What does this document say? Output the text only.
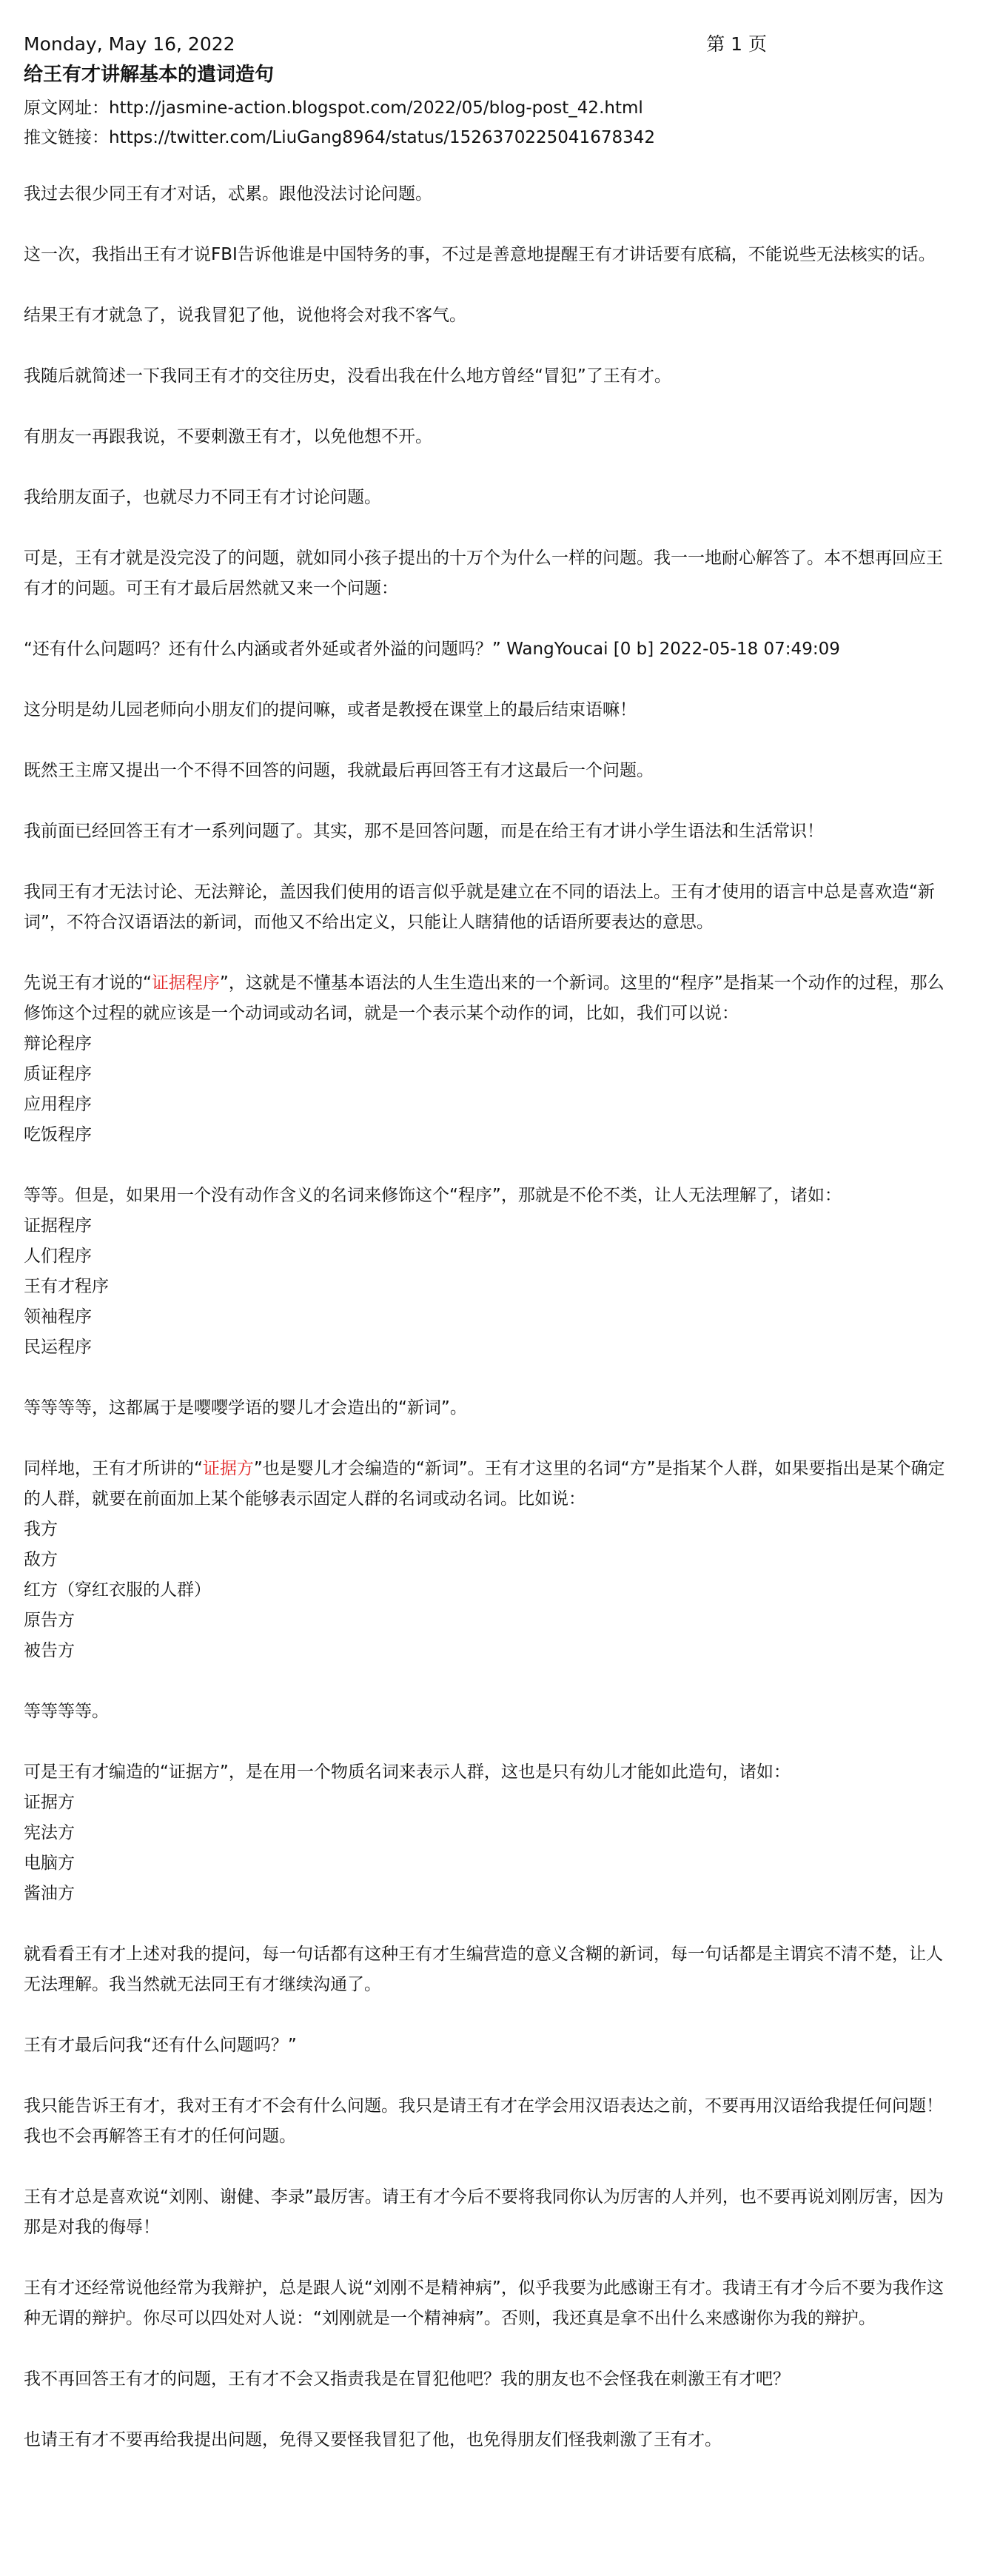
Monday, May 16, 2022	第 1 页
给王有才讲解基本的遣词造句
原文网址：http://jasmine-action.blogspot.com/2022/05/blog-post_42.html
推文链接：https://twitter.com/LiuGang8964/status/1526370225041678342

我过去很少同王有才对话，忒累。跟他没法讨论问题。

这一次，我指出王有才说FBI告诉他谁是中国特务的事，不过是善意地提醒王有才讲话要有底稿，不能说些无法核实的话。

结果王有才就急了，说我冒犯了他，说他将会对我不客气。

我随后就简述一下我同王有才的交往历史，没看出我在什么地方曾经“冒犯”了王有才。

有朋友一再跟我说，不要刺激王有才，以免他想不开。

我给朋友面子，也就尽力不同王有才讨论问题。

可是，王有才就是没完没了的问题，就如同小孩子提出的十万个为什么一样的问题。我一一地耐心解答了。本不想再回应王有才的问题。可王有才最后居然就又来一个问题：

“还有什么问题吗？还有什么内涵或者外延或者外溢的问题吗？” WangYoucai [0 b] 2022-05-18 07:49:09

这分明是幼儿园老师向小朋友们的提问嘛，或者是教授在课堂上的最后结束语嘛！

既然王主席又提出一个不得不回答的问题，我就最后再回答王有才这最后一个问题。

我前面已经回答王有才一系列问题了。其实，那不是回答问题，而是在给王有才讲小学生语法和生活常识！

我同王有才无法讨论、无法辩论，盖因我们使用的语言似乎就是建立在不同的语法上。王有才使用的语言中总是喜欢造“新词”，不符合汉语语法的新词，而他又不给出定义，只能让人瞎猜他的话语所要表达的意思。

先说王有才说的“证据程序”，这就是不懂基本语法的人生生造出来的一个新词。这里的“程序”是指某一个动作的过程，那么修饰这个过程的就应该是一个动词或动名词，就是一个表示某个动作的词，比如，我们可以说：

辩论程序
质证程序
应用程序
吃饭程序

等等。但是，如果用一个没有动作含义的名词来修饰这个“程序”，那就是不伦不类，让人无法理解了，诸如：

证据程序
人们程序
王有才程序
领袖程序
民运程序

等等等等，这都属于是嘤嘤学语的婴儿才会造出的“新词”。

同样地，王有才所讲的“证据方”也是婴儿才会编造的“新词”。王有才这里的名词“方”是指某个人群，如果要指出是某个确定的人群，就要在前面加上某个能够表示固定人群的名词或动名词。比如说：

我方
敌方
红方（穿红衣服的人群）
原告方
被告方

等等等等。

可是王有才编造的“证据方”，是在用一个物质名词来表示人群，这也是只有幼儿才能如此造句，诸如：

证据方
宪法方
电脑方
酱油方

就看看王有才上述对我的提问，每一句话都有这种王有才生编营造的意义含糊的新词，每一句话都是主谓宾不清不楚，让人无法理解。我当然就无法同王有才继续沟通了。

王有才最后问我“还有什么问题吗？”

我只能告诉王有才，我对王有才不会有什么问题。我只是请王有才在学会用汉语表达之前，不要再用汉语给我提任何问题！我也不会再解答王有才的任何问题。

王有才总是喜欢说“刘刚、谢健、李录”最厉害。请王有才今后不要将我同你认为厉害的人并列，也不要再说刘刚厉害，因为那是对我的侮辱！

王有才还经常说他经常为我辩护，总是跟人说“刘刚不是精神病”，似乎我要为此感谢王有才。我请王有才今后不要为我作这种无谓的辩护。你尽可以四处对人说：“刘刚就是一个精神病”。否则，我还真是拿不出什么来感谢你为我的辩护。

我不再回答王有才的问题，王有才不会又指责我是在冒犯他吧？我的朋友也不会怪我在刺激王有才吧？

也请王有才不要再给我提出问题，免得又要怪我冒犯了他，也免得朋友们怪我刺激了王有才。
